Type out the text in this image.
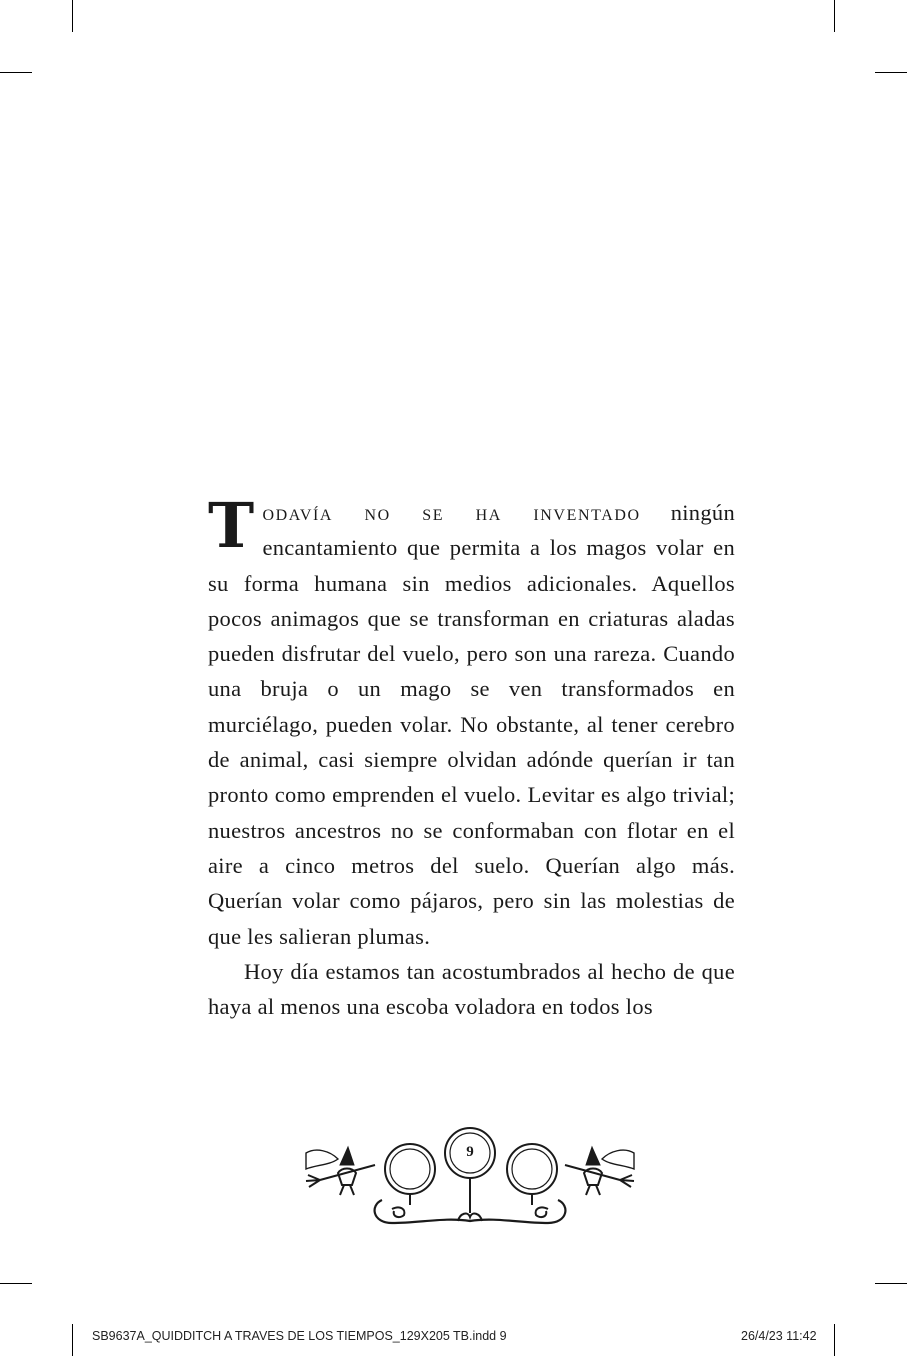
Todavía no se ha inventado ningún encantamiento que permita a los magos volar en su forma humana sin medios adicionales. Aquellos pocos animagos que se transforman en criaturas aladas pueden disfrutar del vuelo, pero son una rareza. Cuando una bruja o un mago se ven transformados en murciélago, pueden volar. No obstante, al tener cerebro de animal, casi siempre olvidan adónde querían ir tan pronto como emprenden el vuelo. Levitar es algo trivial; nuestros ancestros no se conformaban con flotar en el aire a cinco metros del suelo. Querían algo más. Querían volar como pájaros, pero sin las molestias de que les salieran plumas.

Hoy día estamos tan acostumbrados al hecho de que haya al menos una escoba voladora en todos los

9
SB9637A_QUIDDITCH A TRAVES DE LOS TIEMPOS_129X205 TB.indd 9	26/4/23 11:42
